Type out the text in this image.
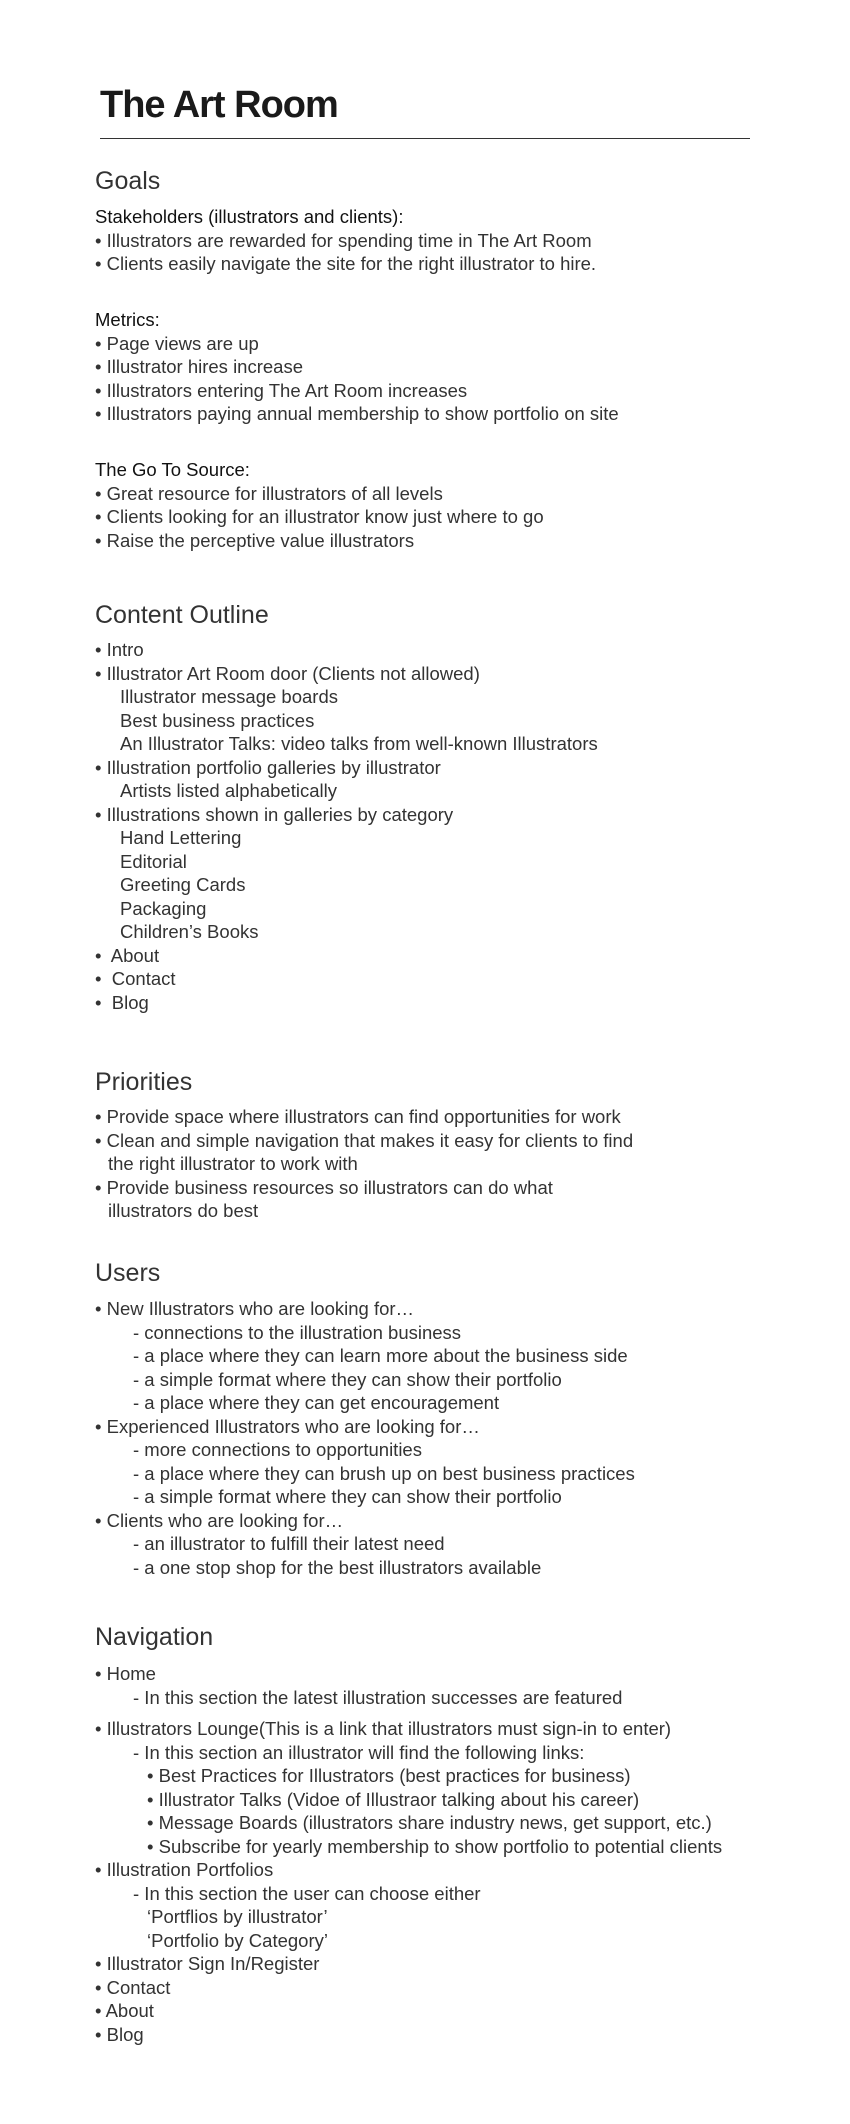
The Art Room
Goals
Stakeholders (illustrators and clients):
• Illustrators are rewarded for spending time in The Art Room
• Clients easily navigate the site for the right illustrator to hire.
Metrics:
• Page views are up
• Illustrator hires increase
• Illustrators entering The Art Room increases
• Illustrators paying annual membership to show portfolio on site
The Go To Source:
• Great resource for illustrators of all levels
• Clients looking for an illustrator know just where to go
• Raise the perceptive value illustrators
Content Outline
• Intro
• Illustrator Art Room door (Clients not allowed)
Illustrator message boards
Best business practices
An Illustrator Talks: video talks from well-known Illustrators
• Illustration portfolio galleries by illustrator
Artists listed alphabetically
• Illustrations shown in galleries by category
Hand Lettering
Editorial
Greeting Cards
Packaging
Children’s Books
•  About
•  Contact
•  Blog
Priorities
• Provide space where illustrators can find opportunities for work
• Clean and simple navigation that makes it easy for clients to find
the right illustrator to work with
• Provide business resources so illustrators can do what
illustrators do best
Users
• New Illustrators who are looking for…
- connections to the illustration business
- a place where they can learn more about the business side
- a simple format where they can show their portfolio
- a place where they can get encouragement
• Experienced Illustrators who are looking for…
- more connections to opportunities
- a place where they can brush up on best business practices
- a simple format where they can show their portfolio
• Clients who are looking for…
- an illustrator to fulfill their latest need
- a one stop shop for the best illustrators available
Navigation
• Home
- In this section the latest illustration successes are featured
• Illustrators Lounge(This is a link that illustrators must sign-in to enter)
- In this section an illustrator will find the following links:
• Best Practices for Illustrators (best practices for business)
• Illustrator Talks (Vidoe of Illustraor talking about his career)
• Message Boards (illustrators share industry news, get support, etc.)
• Subscribe for yearly membership to show portfolio to potential clients
• Illustration Portfolios
- In this section the user can choose either
‘Portflios by illustrator’
‘Portfolio by Category’
• Illustrator Sign In/Register
• Contact
• About
• Blog
